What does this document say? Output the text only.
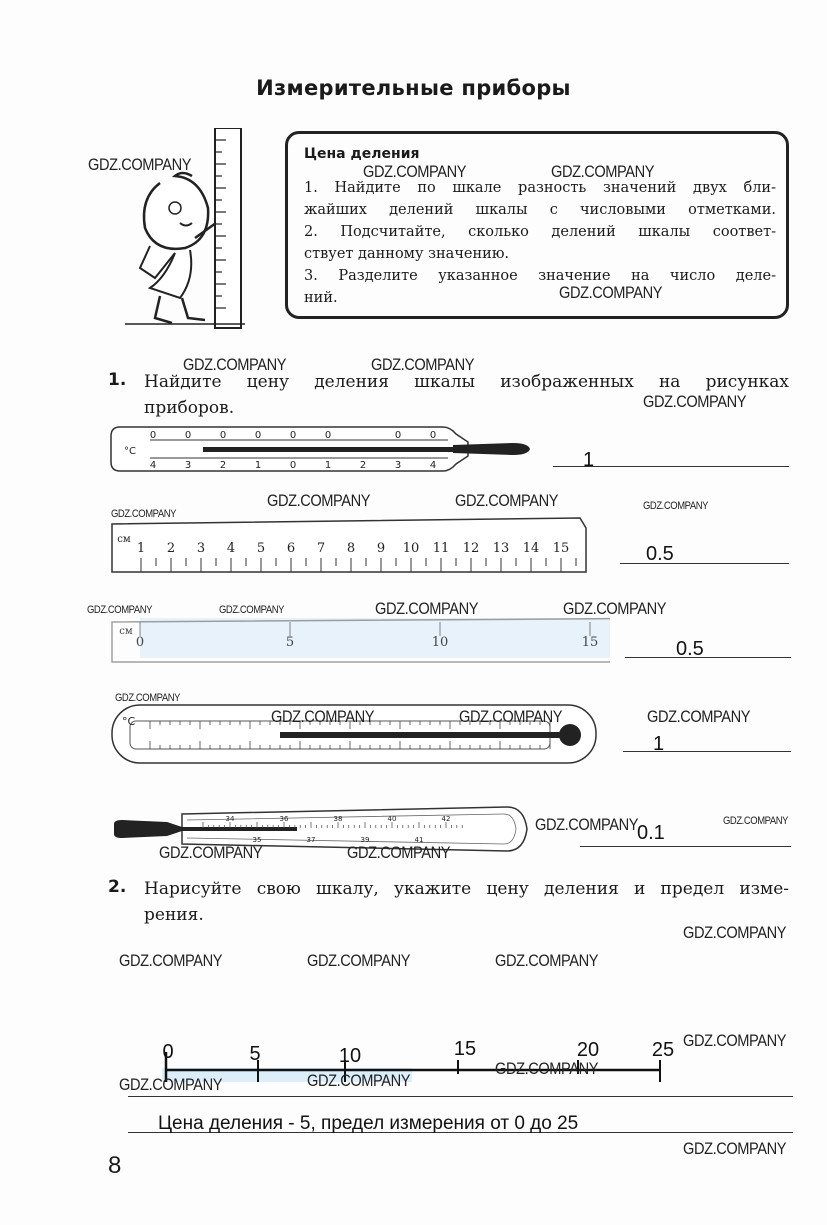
Измерительные приборы
Цена деления
1. Найдите по шкале разность значений двух бли-
жайших делений шкалы с числовыми отметками.
2. Подсчитайте, сколько делений шкалы соответ-
ствует данному значению.
3. Разделите указанное значение на число деле-
ний.
1. Найдите цену деления шкалы изображенных на рисунках
приборов.
°C
0	0	0	0	0	0	0	0
4	3	2	1	0	1	2	3	4	1
см
1 2 3 4 5 6 7 8 9 10 11 12 13 14 15	0.5
см
0	5	10	15	0.5
°C
1
34	36	38	40	42
35	37	39	41	0.1
2. Нарисуйте свою шкалу, укажите цену деления и предел изме-
рения.
0	5	10	15	20	25
Цена деления - 5, предел измерения от 0 до 25
8
GDZ.COMPANY	GDZ.COMPANY	GDZ.COMPANY
GDZ.COMPANY
GDZ.COMPANY	GDZ.COMPANY
GDZ.COMPANY
GDZ.COMPANY
GDZ.COMPANY	GDZ.COMPANY	GDZ.COMPANY
GDZ.COMPANY	GDZ.COMPANY	GDZ.COMPANY	GDZ.COMPANY
GDZ.COMPANY
GDZ.COMPANY	GDZ.COMPANY	GDZ.COMPANY
GDZ.COMPANY	GDZ.COMPANY
GDZ.COMPANY	GDZ.COMPANY
GDZ.COMPANY
GDZ.COMPANY	GDZ.COMPANY	GDZ.COMPANY
GDZ.COMPANY
GDZ.COMPANY
GDZ.COMPANY	GDZ.COMPANY
GDZ.COMPANY
